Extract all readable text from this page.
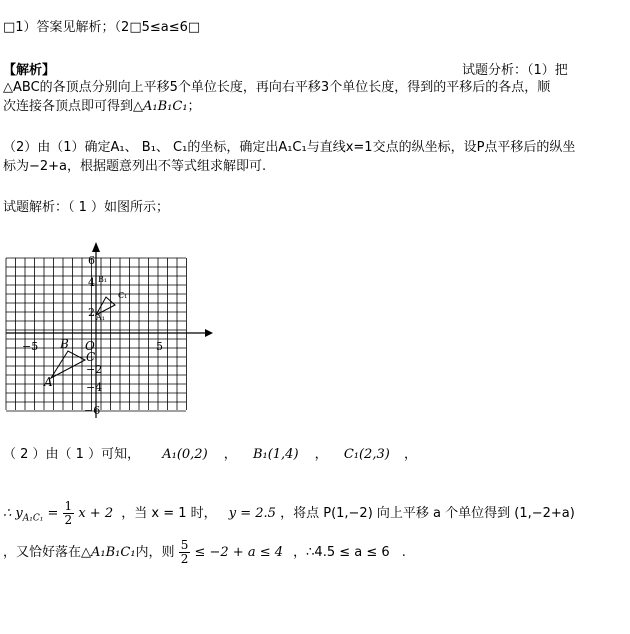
□1）答案见解析；（2□5≤a≤6□
【解析】	试题分析：（1）把
△ABC的各顶点分别向上平移5个单位长度，再向右平移3个单位长度，得到的平移后的各点，顺
次连接各顶点即可得到△A₁B₁C₁；
（2）由（1）确定A₁、 B₁、 C₁的坐标，确定出A₁C₁与直线x=1交点的纵坐标，设P点平移后的纵坐
标为−2+a，根据题意列出不等式组求解即可.
试题解析：（ 1 ）如图所示；
6
4
2
−2
−4
−6
−5	5
O
A
B
C
A₁
B₁
C₁
（ 2 ）由（ 1 ）可知， A₁(0,2) ， B₁(1,4) ， C₁(2,3) ，
∴ $y_{A_1C_1} = \frac{1}{2}$ x + 2 ，当 x = 1 时， y = 2.5 ，将点 P(1,−2) 向上平移 a 个单位得到 (1,−2+a)
，又恰好落在△A₁B₁C₁内，则 $\frac{5}{2} \le -2 + a \le 4$ ，∴4.5 ≤ a ≤ 6 .
